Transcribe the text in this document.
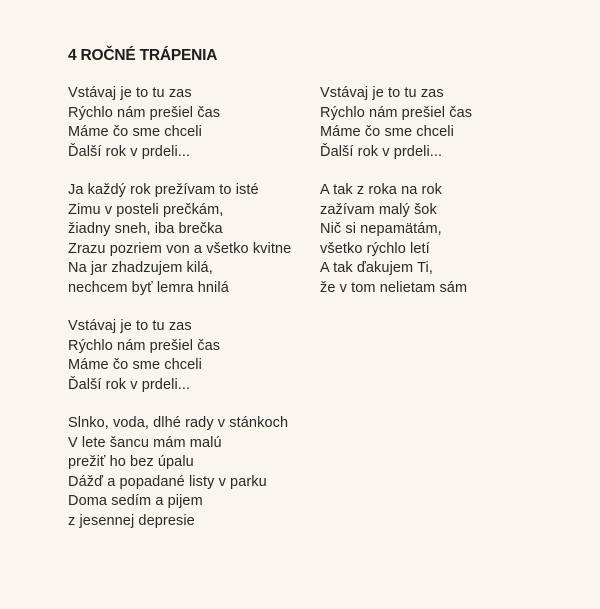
4 ROČNÉ TRÁPENIA
Vstávaj je to tu zas
Rýchlo nám prešiel čas
Máme čo sme chceli
Ďalší rok v prdeli...
Ja každý rok prežívam to isté
Zimu v posteli prečkám,
žiadny sneh, iba brečka
Zrazu pozriem von a všetko kvitne
Na jar zhadzujem kilá,
nechcem byť lemra hnilá
Vstávaj je to tu zas
Rýchlo nám prešiel čas
Máme čo sme chceli
Ďalší rok v prdeli...
Slnko, voda, dlhé rady v stánkoch
V lete šancu mám malú
prežiť ho bez úpalu
Dážď a popadané listy v parku
Doma sedím a pijem
z jesennej depresie
Vstávaj je to tu zas
Rýchlo nám prešiel čas
Máme čo sme chceli
Ďalší rok v prdeli...
A tak z roka na rok
zažívam malý šok
Nič si nepamätám,
všetko rýchlo letí
A tak ďakujem Ti,
že v tom nelietam sám
